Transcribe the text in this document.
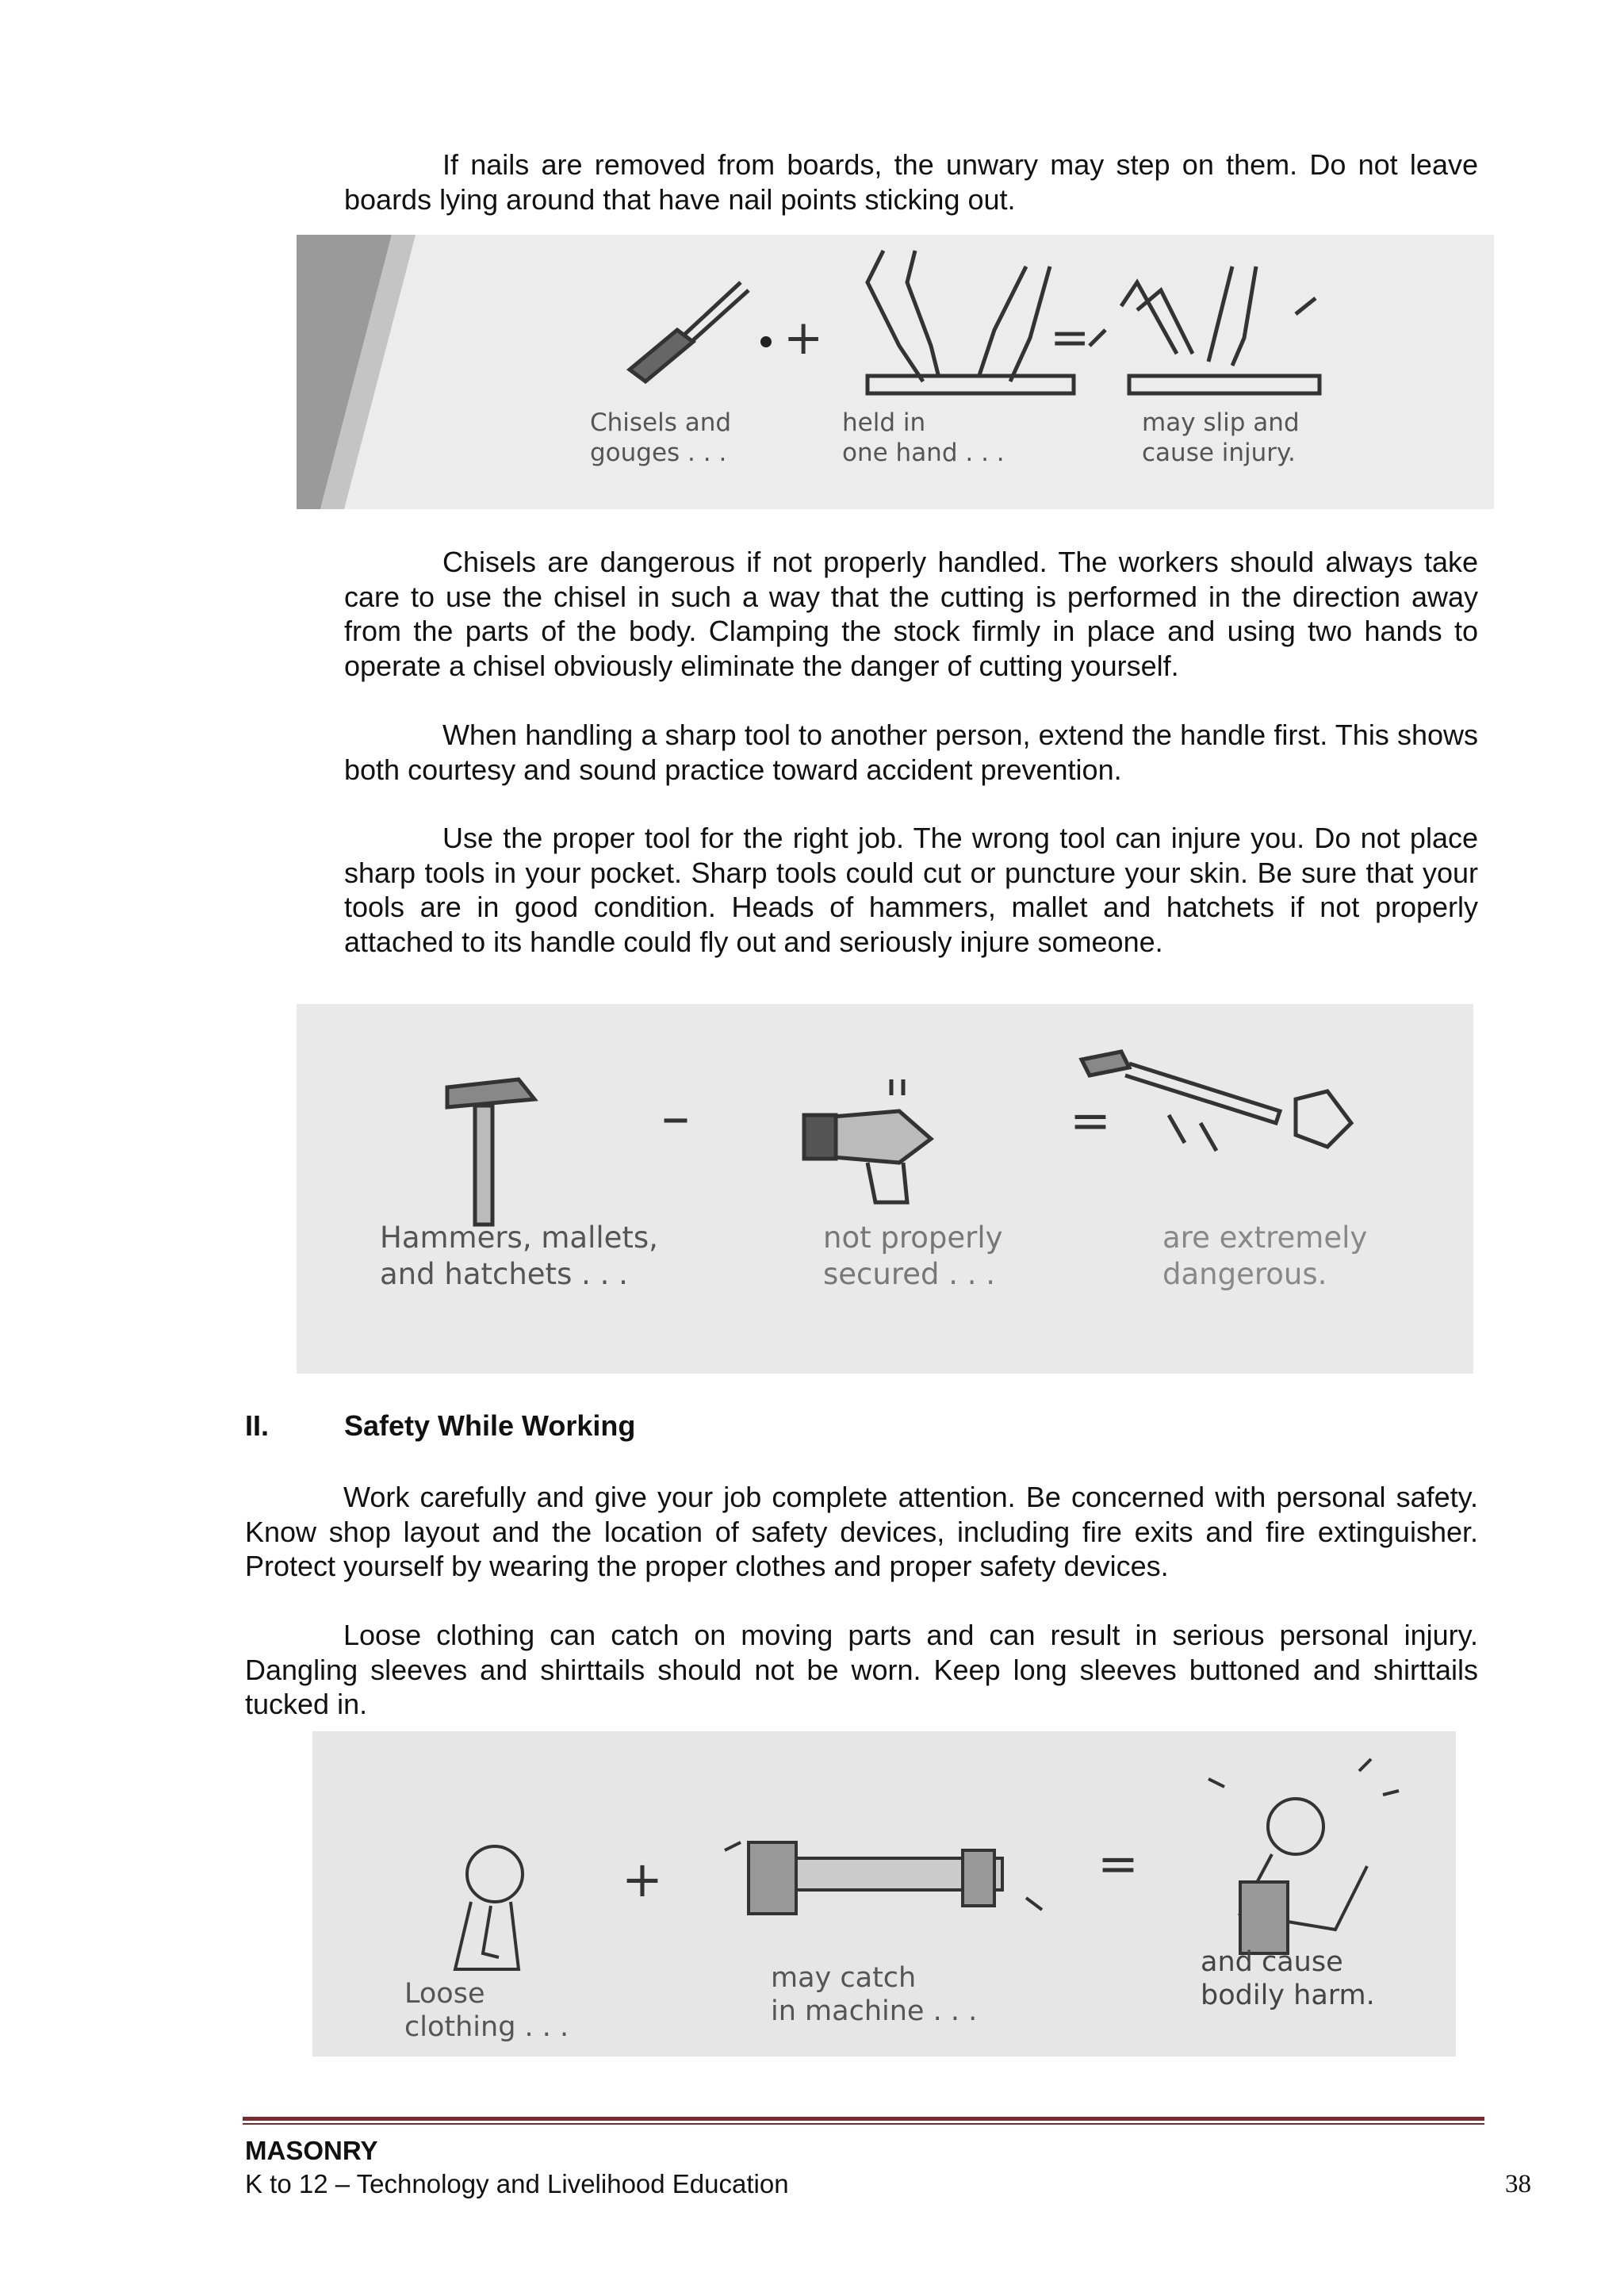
If nails are removed from boards, the unwary may step on them. Do not leave boards lying around that have nail points sticking out.

+	=
Chisels and
gouges . . .
held in
one hand . . .
may slip and
cause injury.

Chisels are dangerous if not properly handled. The workers should always take care to use the chisel in such a way that the cutting is performed in the direction away from the parts of the body. Clamping the stock firmly in place and using two hands to operate a chisel obviously eliminate the danger of cutting yourself.

When handling a sharp tool to another person, extend the handle first. This shows both courtesy and sound practice toward accident prevention.

Use the proper tool for the right job. The wrong tool can injure you. Do not place sharp tools in your pocket. Sharp tools could cut or puncture your skin. Be sure that your tools are in good condition. Heads of hammers, mallet and hatchets if not properly attached to its handle could fly out and seriously injure someone.

–	=
Hammers, mallets,
and hatchets . . .
not properly
secured . . .
are extremely
dangerous.

II.	Safety While Working

Work carefully and give your job complete attention. Be concerned with personal safety. Know shop layout and the location of safety devices, including fire exits and fire extinguisher. Protect yourself by wearing the proper clothes and proper safety devices.

Loose clothing can catch on moving parts and can result in serious personal injury. Dangling sleeves and shirttails should not be worn. Keep long sleeves buttoned and shirttails tucked in.

+	=
Loose
clothing . . .
may catch
in machine . . .
and cause
bodily harm.
MASONRY
K to 12 – Technology and Livelihood Education	38
